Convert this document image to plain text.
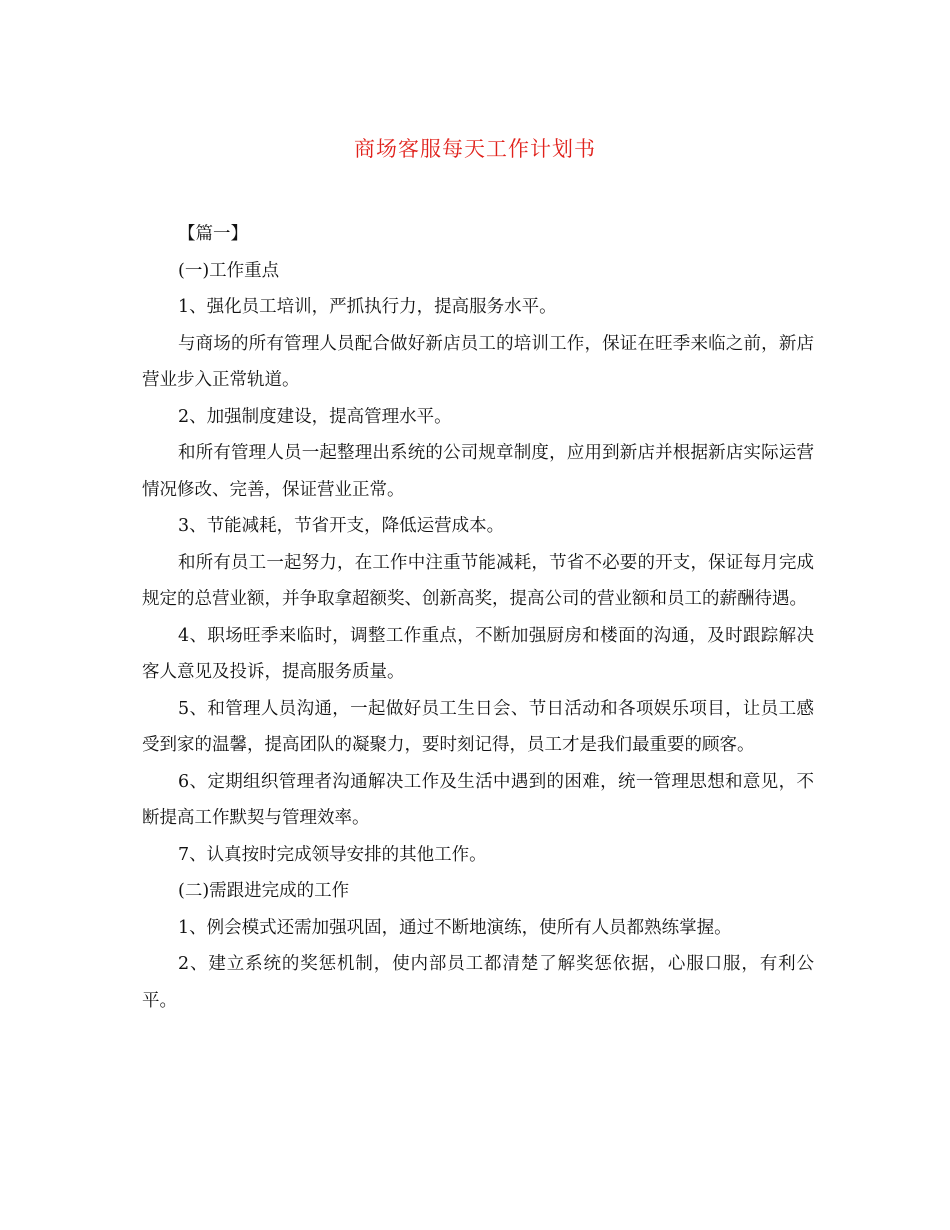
商场客服每天工作计划书

【篇一】

(一)工作重点

1、强化员工培训，严抓执行力，提高服务水平。

与商场的所有管理人员配合做好新店员工的培训工作，保证在旺季来临之前，新店营业步入正常轨道。

2、加强制度建设，提高管理水平。

和所有管理人员一起整理出系统的公司规章制度，应用到新店并根据新店实际运营情况修改、完善，保证营业正常。

3、节能减耗，节省开支，降低运营成本。

和所有员工一起努力，在工作中注重节能减耗，节省不必要的开支，保证每月完成规定的总营业额，并争取拿超额奖、创新高奖，提高公司的营业额和员工的薪酬待遇。

4、职场旺季来临时，调整工作重点，不断加强厨房和楼面的沟通，及时跟踪解决客人意见及投诉，提高服务质量。

5、和管理人员沟通，一起做好员工生日会、节日活动和各项娱乐项目，让员工感受到家的温馨，提高团队的凝聚力，要时刻记得，员工才是我们最重要的顾客。

6、定期组织管理者沟通解决工作及生活中遇到的困难，统一管理思想和意见，不断提高工作默契与管理效率。

7、认真按时完成领导安排的其他工作。

(二)需跟进完成的工作

1、例会模式还需加强巩固，通过不断地演练，使所有人员都熟练掌握。

2、建立系统的奖惩机制，使内部员工都清楚了解奖惩依据，心服口服，有利公平。
